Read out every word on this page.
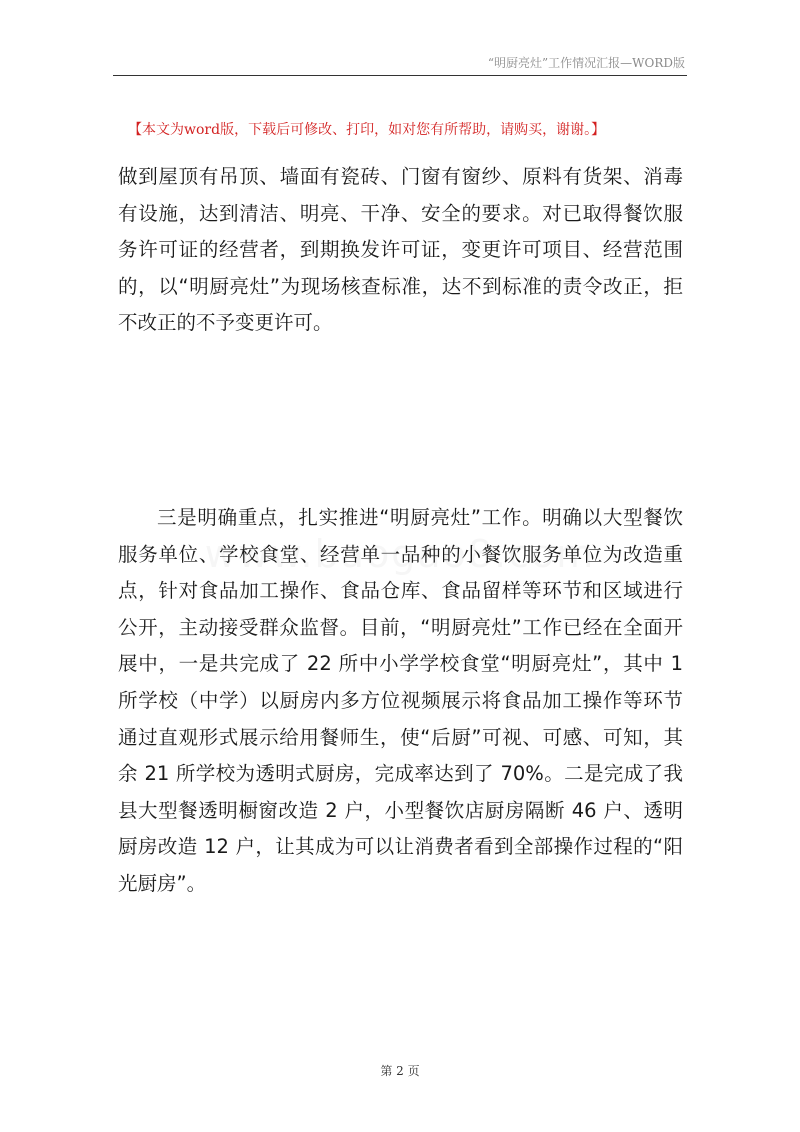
“明厨亮灶”工作情况汇报—WORD版
【本文为word版，下载后可修改、打印，如对您有所帮助，请购买，谢谢。】

做到屋顶有吊顶、墙面有瓷砖、门窗有窗纱、原料有货架、消毒有设施，达到清洁、明亮、干净、安全的要求。对已取得餐饮服务许可证的经营者，到期换发许可证，变更许可项目、经营范围的，以“明厨亮灶”为现场核查标准，达不到标准的责令改正，拒不改正的不予变更许可。

三是明确重点，扎实推进“明厨亮灶”工作。明确以大型餐饮服务单位、学校食堂、经营单一品种的小餐饮服务单位为改造重点，针对食品加工操作、食品仓库、食品留样等环节和区域进行公开，主动接受群众监督。目前，“明厨亮灶”工作已经在全面开展中，一是共完成了 22 所中小学学校食堂“明厨亮灶”，其中 1 所学校（中学）以厨房内多方位视频展示将食品加工操作等环节通过直观形式展示给用餐师生，使“后厨”可视、可感、可知，其余 21 所学校为透明式厨房，完成率达到了 70%。二是完成了我县大型餐透明橱窗改造 2 户，小型餐饮店厨房隔断 46 户、透明厨房改造 12 户，让其成为可以让消费者看到全部操作过程的“阳光厨房”。

第 2 页
